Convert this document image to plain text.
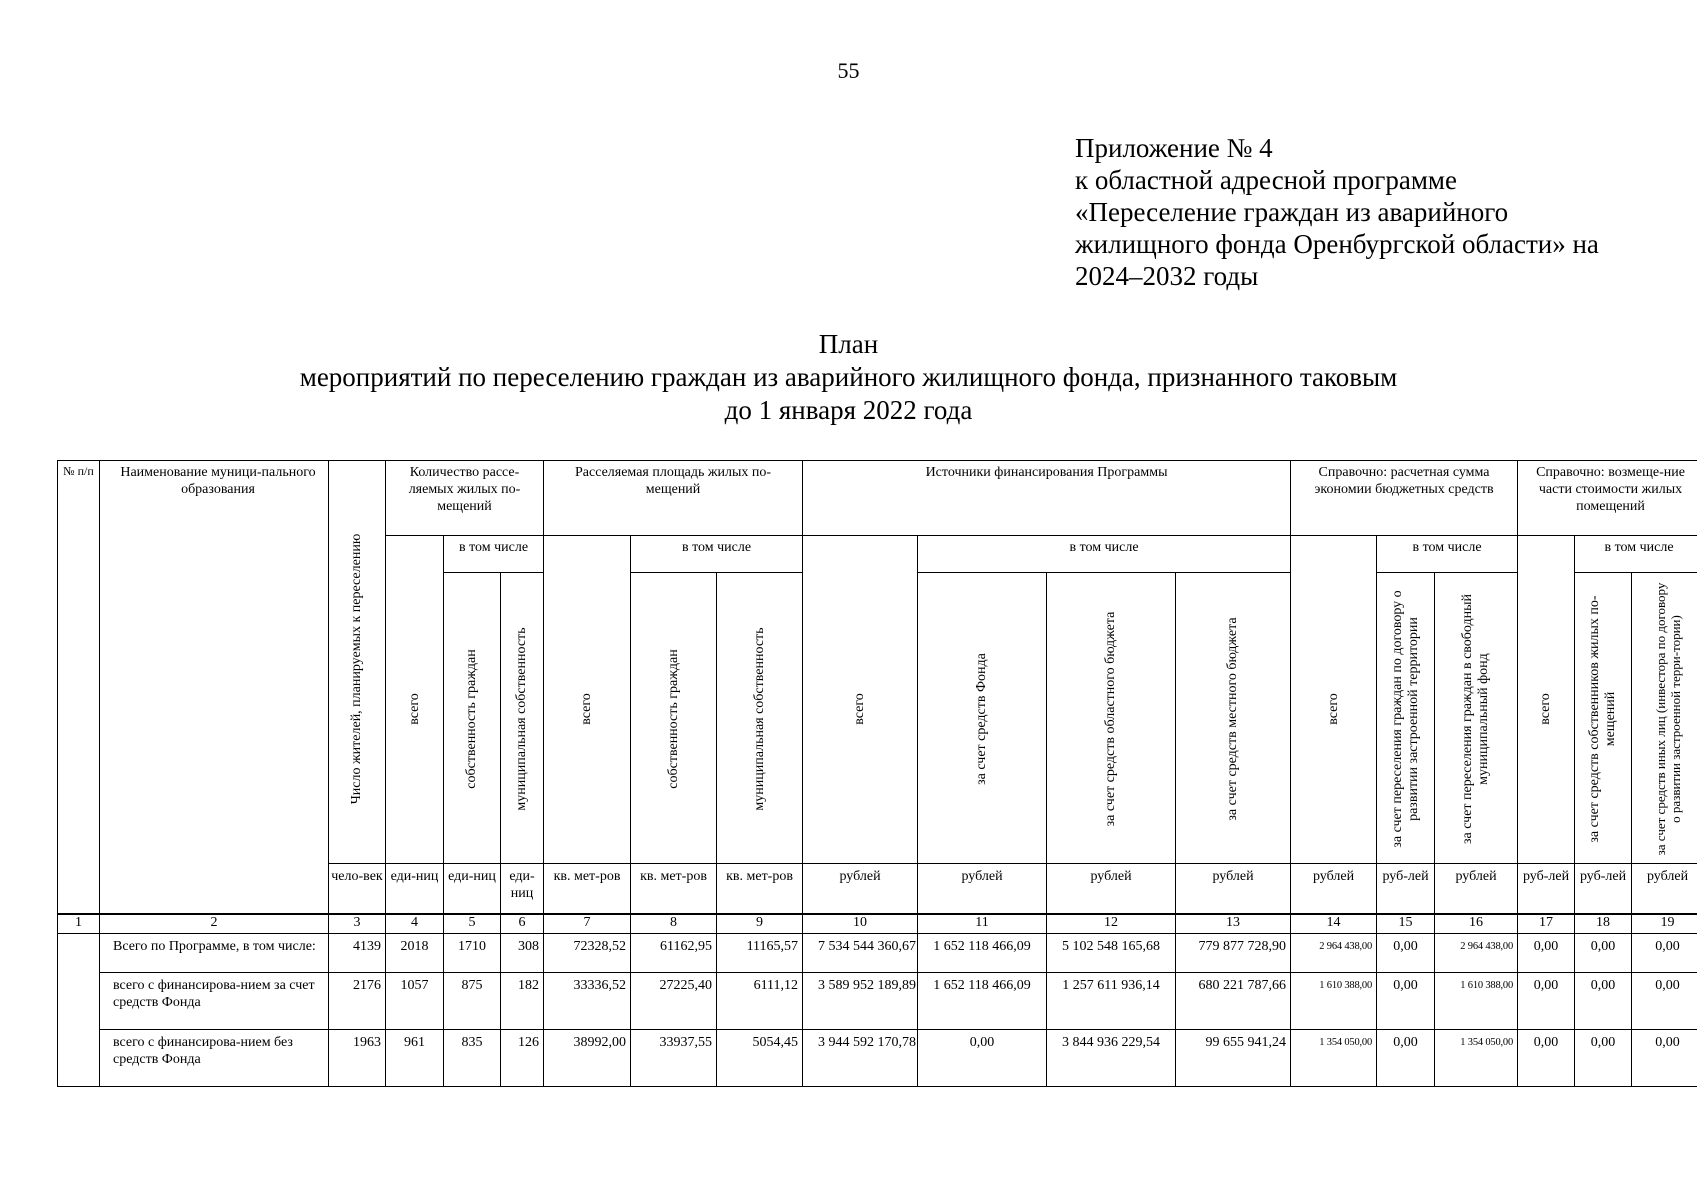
55
Приложение № 4
к областной адресной программе
«Переселение граждан из аварийного
жилищного фонда Оренбургской области» на
2024–2032 годы
План
мероприятий по переселению граждан из аварийного жилищного фонда, признанного таковым
до 1 января 2022 года
№ п/п	Наименование муници-пального образования	Число жителей, планируемых к переселению	Количество рассе-ляемых жилых по-мещений			Расселяемая площадь жилых по-мещений			Источники финансирования Программы				Справочно: расчетная сумма экономии бюджетных средств			Справочно: возмеще-ние части стоимости жилых помещений		

			всего	в том числе		всего	в том числе		всего	в том числе			всего	в том числе		всего	в том числе	

				собственность граждан	муниципальная собственность		собственность граждан	муниципальная собственность		за счет средств Фонда	за счет средств областного бюджета	за счет средств местного бюджета		за счет переселения граждан по договору о развитии застроенной территории	за счет переселения граждан в свободный муниципальный фонд		за счет средств собственников жилых по-мещений	за счет средств иных лиц (инвестора по договору о развитии застроенной терри-тории)

		чело-век	еди-ниц	еди-ниц	еди-ниц	кв. мет-ров	кв. мет-ров	кв. мет-ров	рублей	рублей	рублей	рублей	рублей	руб-лей	рублей	руб-лей	руб-лей	рублей
1	2	3	4	5	6	7	8	9	10	11	12	13	14	15	16	17	18	19
	Всего по Программе, в том числе:	4139	2018	1710	308	72328,52	61162,95	11165,57	7 534 544 360,67	1 652 118 466,09	5 102 548 165,68	779 877 728,90	2 964 438,00	0,00	2 964 438,00	0,00	0,00	0,00
	всего с финансирова-нием за счет средств Фонда	2176	1057	875	182	33336,52	27225,40	6111,12	3 589 952 189,89	1 652 118 466,09	1 257 611 936,14	680 221 787,66	1 610 388,00	0,00	1 610 388,00	0,00	0,00	0,00
	всего с финансирова-нием без средств Фонда	1963	961	835	126	38992,00	33937,55	5054,45	3 944 592 170,78	0,00	3 844 936 229,54	99 655 941,24	1 354 050,00	0,00	1 354 050,00	0,00	0,00	0,00
